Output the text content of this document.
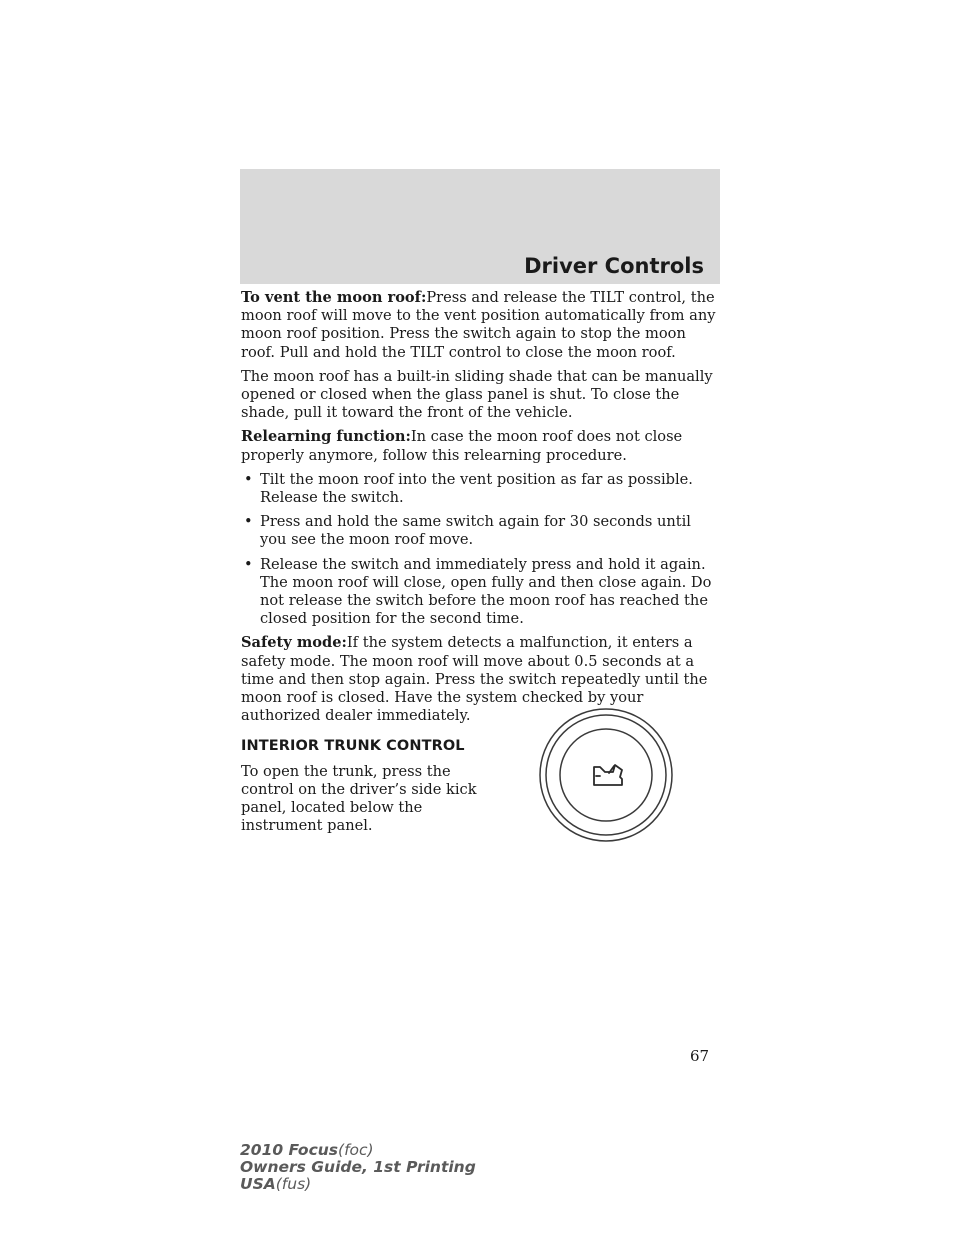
Driver Controls

To vent the moon roof:Press and release the TILT control, the moon roof will move to the vent position automatically from any moon roof position. Press the switch again to stop the moon roof. Pull and hold the TILT control to close the moon roof.

The moon roof has a built-in sliding shade that can be manually opened or closed when the glass panel is shut. To close the shade, pull it toward the front of the vehicle.

Relearning function:In case the moon roof does not close properly anymore, follow this relearning procedure.

• Tilt the moon roof into the vent position as far as possible. Release the switch.
• Press and hold the same switch again for 30 seconds until you see the moon roof move.
• Release the switch and immediately press and hold it again. The moon roof will close, open fully and then close again. Do not release the switch before the moon roof has reached the closed position for the second time.

Safety mode:If the system detects a malfunction, it enters a safety mode. The moon roof will move about 0.5 seconds at a time and then stop again. Press the switch repeatedly until the moon roof is closed. Have the system checked by your authorized dealer immediately.

INTERIOR TRUNK CONTROL

To open the trunk, press the control on the driver’s side kick panel, located below the instrument panel.

67
2010 Focus(foc)
Owners Guide, 1st Printing
USA(fus)
